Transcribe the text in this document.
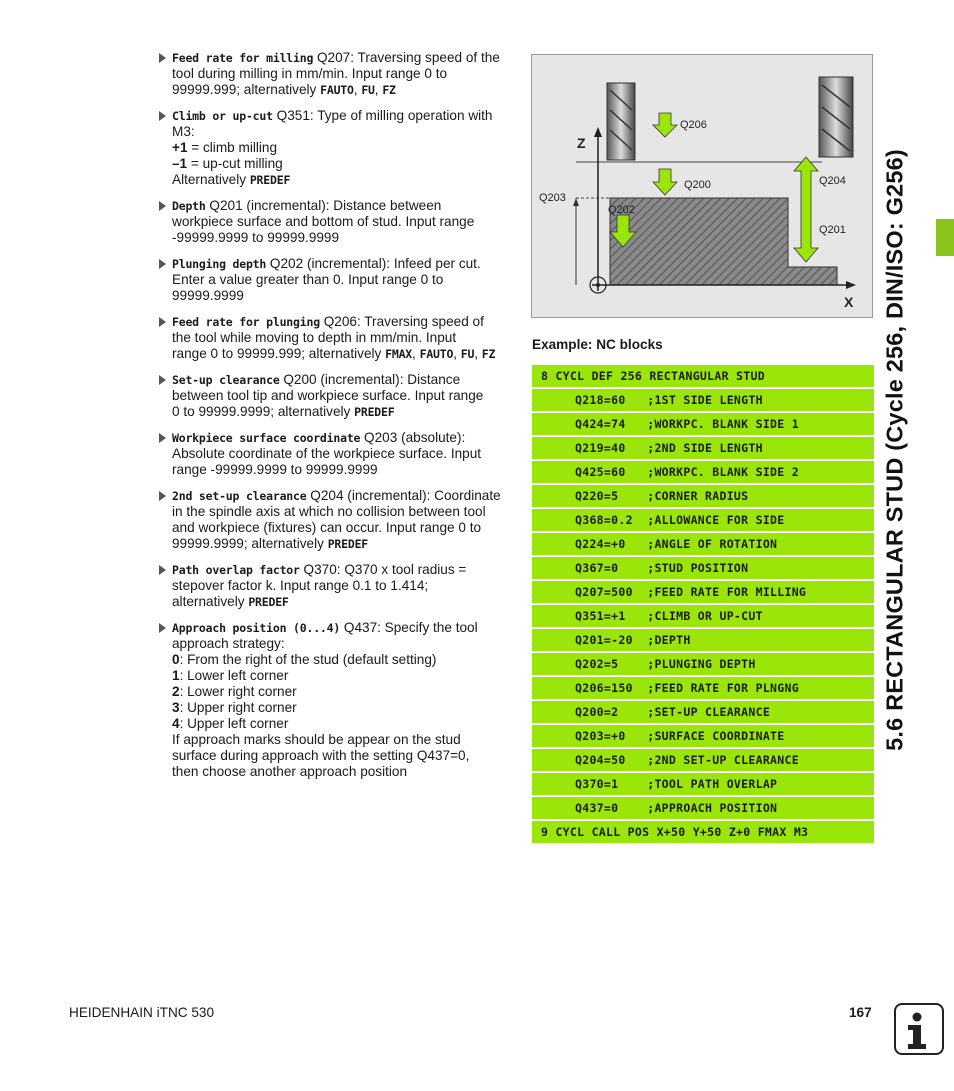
Feed rate for milling Q207: Traversing speed of the
tool during milling in mm/min. Input range 0 to
99999.999; alternatively FAUTO, FU, FZ
Climb or up-cut Q351: Type of milling operation with
M3:
+1 = climb milling
–1 = up-cut milling
Alternatively PREDEF
Depth Q201 (incremental): Distance between
workpiece surface and bottom of stud. Input range
-99999.9999 to 99999.9999
Plunging depth Q202 (incremental): Infeed per cut.
Enter a value greater than 0. Input range 0 to
99999.9999
Feed rate for plunging Q206: Traversing speed of
the tool while moving to depth in mm/min. Input
range 0 to 99999.999; alternatively FMAX, FAUTO, FU, FZ
Set-up clearance Q200 (incremental): Distance
between tool tip and workpiece surface. Input range
0 to 99999.9999; alternatively PREDEF
Workpiece surface coordinate Q203 (absolute):
Absolute coordinate of the workpiece surface. Input
range -99999.9999 to 99999.9999
2nd set-up clearance Q204 (incremental): Coordinate
in the spindle axis at which no collision between tool
and workpiece (fixtures) can occur. Input range 0 to
99999.9999; alternatively PREDEF
Path overlap factor Q370: Q370 x tool radius =
stepover factor k. Input range 0.1 to 1.414;
alternatively PREDEF
Approach position (0...4) Q437: Specify the tool
approach strategy:
0: From the right of the stud (default setting)
1: Lower left corner
2: Lower right corner
3: Upper right corner
4: Upper left corner
If approach marks should be appear on the stud
surface during approach with the setting Q437=0,
then choose another approach position
Q206
Q200	Q204
Q203
Q202
Q201
Z
X
Example: NC blocks
8 CYCL DEF 256 RECTANGULAR STUD
Q218=60   ;1ST SIDE LENGTH
Q424=74   ;WORKPC. BLANK SIDE 1
Q219=40   ;2ND SIDE LENGTH
Q425=60   ;WORKPC. BLANK SIDE 2
Q220=5    ;CORNER RADIUS
Q368=0.2  ;ALLOWANCE FOR SIDE
Q224=+0   ;ANGLE OF ROTATION
Q367=0    ;STUD POSITION
Q207=500  ;FEED RATE FOR MILLING
Q351=+1   ;CLIMB OR UP-CUT
Q201=-20  ;DEPTH
Q202=5    ;PLUNGING DEPTH
Q206=150  ;FEED RATE FOR PLNGNG
Q200=2    ;SET-UP CLEARANCE
Q203=+0   ;SURFACE COORDINATE
Q204=50   ;2ND SET-UP CLEARANCE
Q370=1    ;TOOL PATH OVERLAP
Q437=0    ;APPROACH POSITION
9 CYCL CALL POS X+50 Y+50 Z+0 FMAX M3
5.6 RECTANGULAR STUD (Cycle 256, DIN/ISO: G256)
HEIDENHAIN iTNC 530	167
